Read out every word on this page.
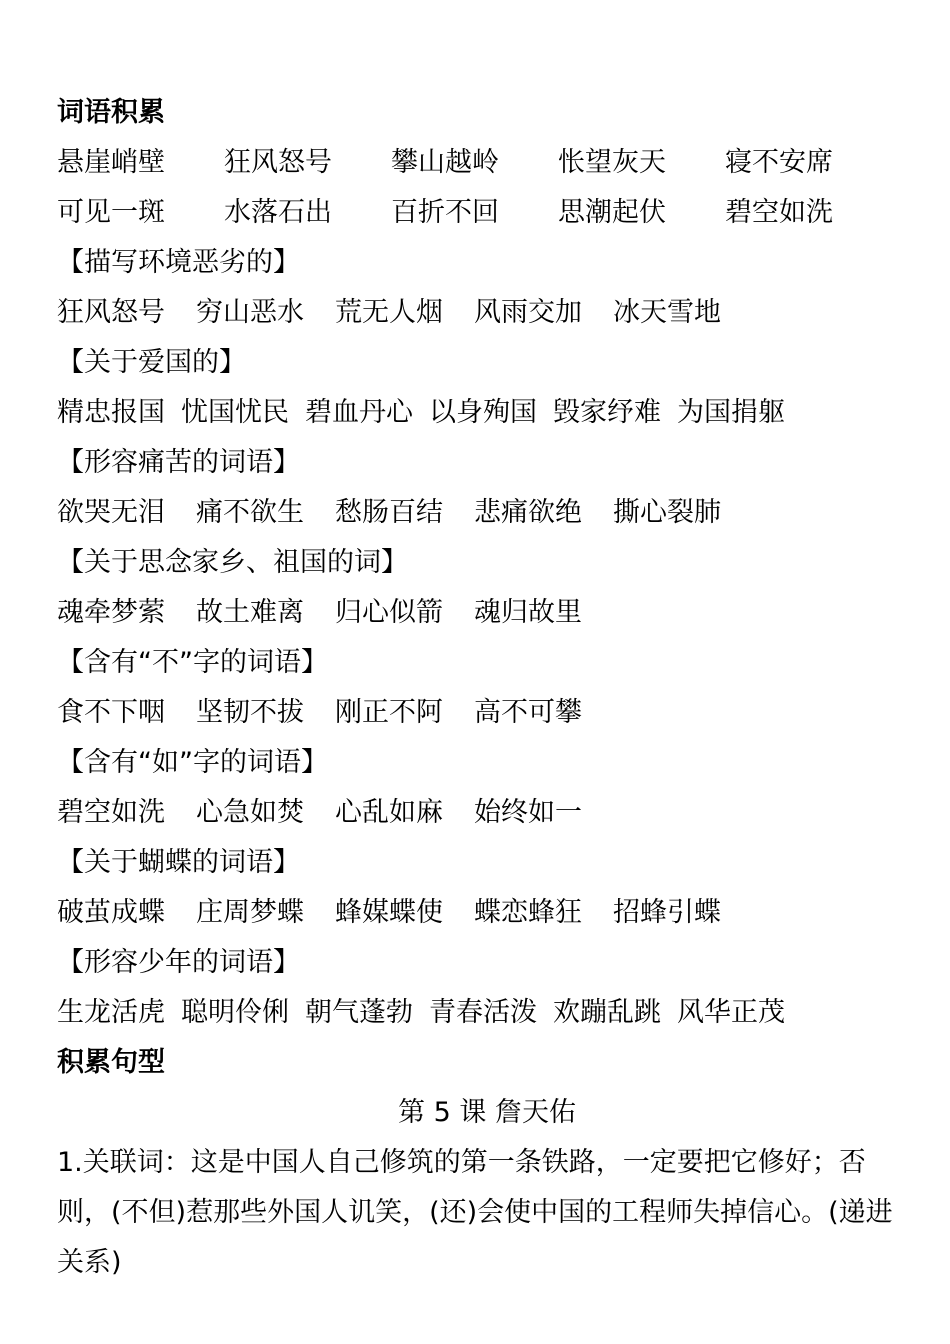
词语积累
悬崖峭壁 狂风怒号 攀山越岭 怅望灰天 寝不安席
可见一斑 水落石出 百折不回 思潮起伏 碧空如洗
【描写环境恶劣的】
狂风怒号 穷山恶水 荒无人烟 风雨交加 冰天雪地
【关于爱国的】
精忠报国 忧国忧民 碧血丹心 以身殉国 毁家纾难 为国捐躯
【形容痛苦的词语】
欲哭无泪 痛不欲生 愁肠百结 悲痛欲绝 撕心裂肺
【关于思念家乡、祖国的词】
魂牵梦萦 故土难离 归心似箭 魂归故里
【含有“不”字的词语】
食不下咽 坚韧不拔 刚正不阿 高不可攀
【含有“如”字的词语】
碧空如洗 心急如焚 心乱如麻 始终如一
【关于蝴蝶的词语】
破茧成蝶 庄周梦蝶 蜂媒蝶使 蝶恋蜂狂 招蜂引蝶
【形容少年的词语】
生龙活虎 聪明伶俐 朝气蓬勃 青春活泼 欢蹦乱跳 风华正茂
积累句型
第 5 课 詹天佑
1.关联词：这是中国人自己修筑的第一条铁路，一定要把它修好；否则，(不但)惹那些外国人讥笑，(还)会使中国的工程师失掉信心。(递进关系)
